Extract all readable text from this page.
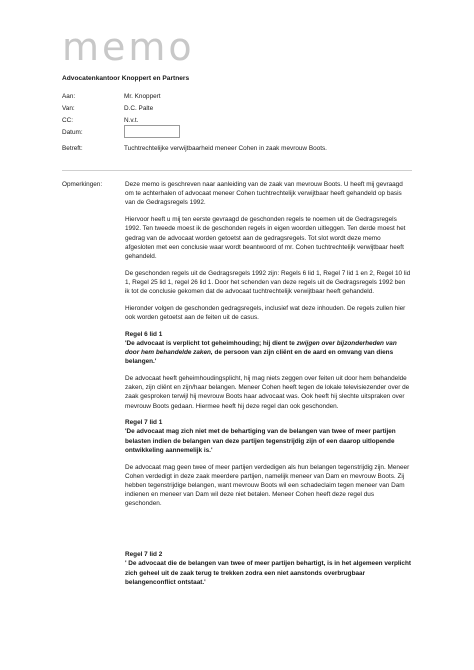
memo
Advocatenkantoor Knoppert en Partners
Aan:	Mr. Knoppert
Van:	D.C. Palte
CC:	N.v.t.
Datum:
Betreft:	Tuchtrechtelijke verwijtbaarheid meneer Cohen in zaak mevrouw Boots.
Opmerkingen:	Deze memo is geschreven naar aanleiding van de zaak van mevrouw Boots. U heeft mij gevraagd om te achterhalen of advocaat meneer Cohen tuchtrechtelijk verwijtbaar heeft gehandeld op basis van de Gedragsregels 1992.

Hiervoor heeft u mij ten eerste gevraagd de geschonden regels te noemen uit de Gedragsregels 1992. Ten tweede moest ik de geschonden regels in eigen woorden uitleggen. Ten derde moest het gedrag van de advocaat worden getoetst aan de gedragsregels. Tot slot wordt deze memo afgesloten met een conclusie waar wordt beantwoord of mr. Cohen tuchtrechtelijk verwijtbaar heeft gehandeld.

De geschonden regels uit de Gedragsregels 1992 zijn: Regels 6 lid 1, Regel 7 lid 1 en 2, Regel 10 lid 1, Regel 25 lid 1, regel 26 lid 1. Door het schenden van deze regels uit de Gedragsregels 1992 ben ik tot de conclusie gekomen dat de advocaat tuchtrechtelijk verwijtbaar heeft gehandeld.

Hieronder volgen de geschonden gedragsregels, inclusief wat deze inhouden. De regels zullen hier ook worden getoetst aan de feiten uit de casus.

Regel 6 lid 1
'De advocaat is verplicht tot geheimhouding; hij dient te zwijgen over bijzonderheden van door hem behandelde zaken, de persoon van zijn cliënt en de aard en omvang van diens belangen.'

De advocaat heeft geheimhoudingsplicht, hij mag niets zeggen over feiten uit door hem behandelde zaken, zijn cliënt en zijn/haar belangen. Meneer Cohen heeft tegen de lokale televisiezender over de zaak gesproken terwijl hij mevrouw Boots haar advocaat was. Ook heeft hij slechte uitspraken over mevrouw Boots gedaan. Hiermee heeft hij deze regel dan ook geschonden.

Regel 7 lid 1
'De advocaat mag zich niet met de behartiging van de belangen van twee of meer partijen belasten indien de belangen van deze partijen tegenstrijdig zijn of een daarop uitlopende ontwikkeling aannemelijk is.'

De advocaat mag geen twee of meer partijen verdedigen als hun belangen tegenstrijdig zijn. Meneer Cohen verdedigt in deze zaak meerdere partijen, namelijk meneer van Dam en mevrouw Boots. Zij hebben tegenstrijdige belangen, want mevrouw Boots wil een schadeclaim tegen meneer van Dam indienen en meneer van Dam wil deze niet betalen. Meneer Cohen heeft deze regel dus geschonden.

Regel 7 lid 2
' De advocaat die de belangen van twee of meer partijen behartigt, is in het algemeen verplicht zich geheel uit de zaak terug te trekken zodra een niet aanstonds overbrugbaar belangenconflict ontstaat.'
